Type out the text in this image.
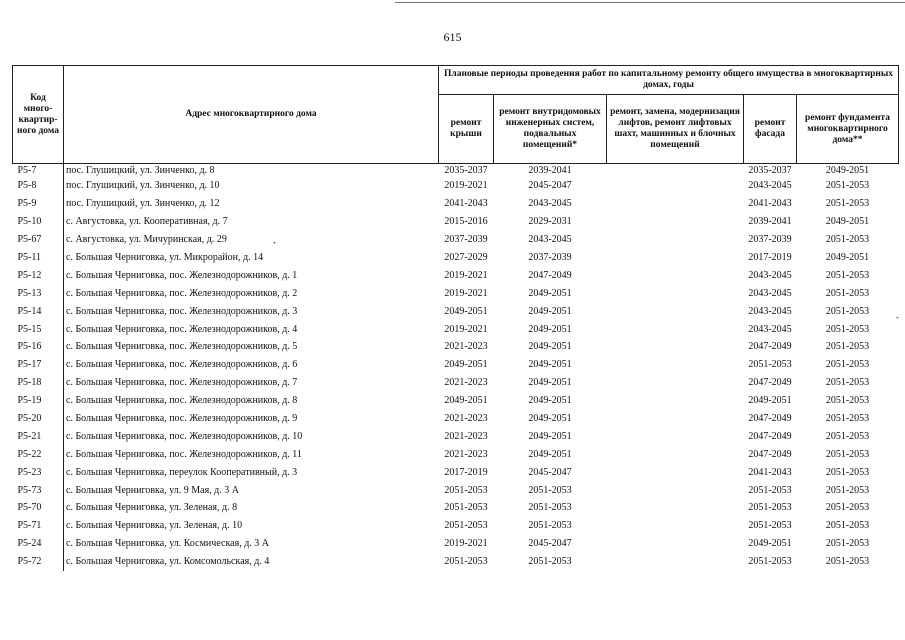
615
Код много-квартир-ного дома	Адрес многоквартирного дома	Плановые периоды проведения работ по капитальному ремонту общего имущества в многоквартирных домах, годы				
		ремонт крыши	ремонт внутридомовых инженерных систем, подвальных помещений*	ремонт, замена, модернизация лифтов, ремонт лифтовых шахт, машинных и блочных помещений	ремонт фасада	ремонт фундамента многоквартирного дома**
Р5-7	пос. Глушицкий, ул. Зинченко, д. 8	2035-2037	2039-2041		2035-2037	2049-2051
Р5-8	пос. Глушицкий, ул. Зинченко, д. 10	2019-2021	2045-2047		2043-2045	2051-2053
Р5-9	пос. Глушицкий, ул. Зинченко, д. 12	2041-2043	2043-2045		2041-2043	2051-2053
Р5-10	с. Августовка, ул. Кооперативная, д. 7	2015-2016	2029-2031		2039-2041	2049-2051
Р5-67	с. Августовка, ул. Мичуринская, д. 29	2037-2039	2043-2045		2037-2039	2051-2053
Р5-11	с. Большая Черниговка, ул. Микрорайон, д. 14	2027-2029	2037-2039		2017-2019	2049-2051
Р5-12	с. Большая Черниговка, пос. Железнодорожников, д. 1	2019-2021	2047-2049		2043-2045	2051-2053
Р5-13	с. Большая Черниговка, пос. Железнодорожников, д. 2	2019-2021	2049-2051		2043-2045	2051-2053
Р5-14	с. Большая Черниговка, пос. Железнодорожников, д. 3	2049-2051	2049-2051		2043-2045	2051-2053
Р5-15	с. Большая Черниговка, пос. Железнодорожников, д. 4	2019-2021	2049-2051		2043-2045	2051-2053
Р5-16	с. Большая Черниговка, пос. Железнодорожников, д. 5	2021-2023	2049-2051		2047-2049	2051-2053
Р5-17	с. Большая Черниговка, пос. Железнодорожников, д. 6	2049-2051	2049-2051		2051-2053	2051-2053
Р5-18	с. Большая Черниговка, пос. Железнодорожников, д. 7	2021-2023	2049-2051		2047-2049	2051-2053
Р5-19	с. Большая Черниговка, пос. Железнодорожников, д. 8	2049-2051	2049-2051		2049-2051	2051-2053
Р5-20	с. Большая Черниговка, пос. Железнодорожников, д. 9	2021-2023	2049-2051		2047-2049	2051-2053
Р5-21	с. Большая Черниговка, пос. Железнодорожников, д. 10	2021-2023	2049-2051		2047-2049	2051-2053
Р5-22	с. Большая Черниговка, пос. Железнодорожников, д. 11	2021-2023	2049-2051		2047-2049	2051-2053
Р5-23	с. Большая Черниговка, переулок Кооперативный, д. 3	2017-2019	2045-2047		2041-2043	2051-2053
Р5-73	с. Большая Черниговка, ул. 9 Мая, д. 3 А	2051-2053	2051-2053		2051-2053	2051-2053
Р5-70	с. Большая Черниговка, ул. Зеленая, д. 8	2051-2053	2051-2053		2051-2053	2051-2053
Р5-71	с. Большая Черниговка, ул. Зеленая, д. 10	2051-2053	2051-2053		2051-2053	2051-2053
Р5-24	с. Большая Черниговка, ул. Космическая, д. 3 А	2019-2021	2045-2047		2049-2051	2051-2053
Р5-72	с. Большая Черниговка, ул. Комсомольская, д. 4	2051-2053	2051-2053		2051-2053	2051-2053
・
-
